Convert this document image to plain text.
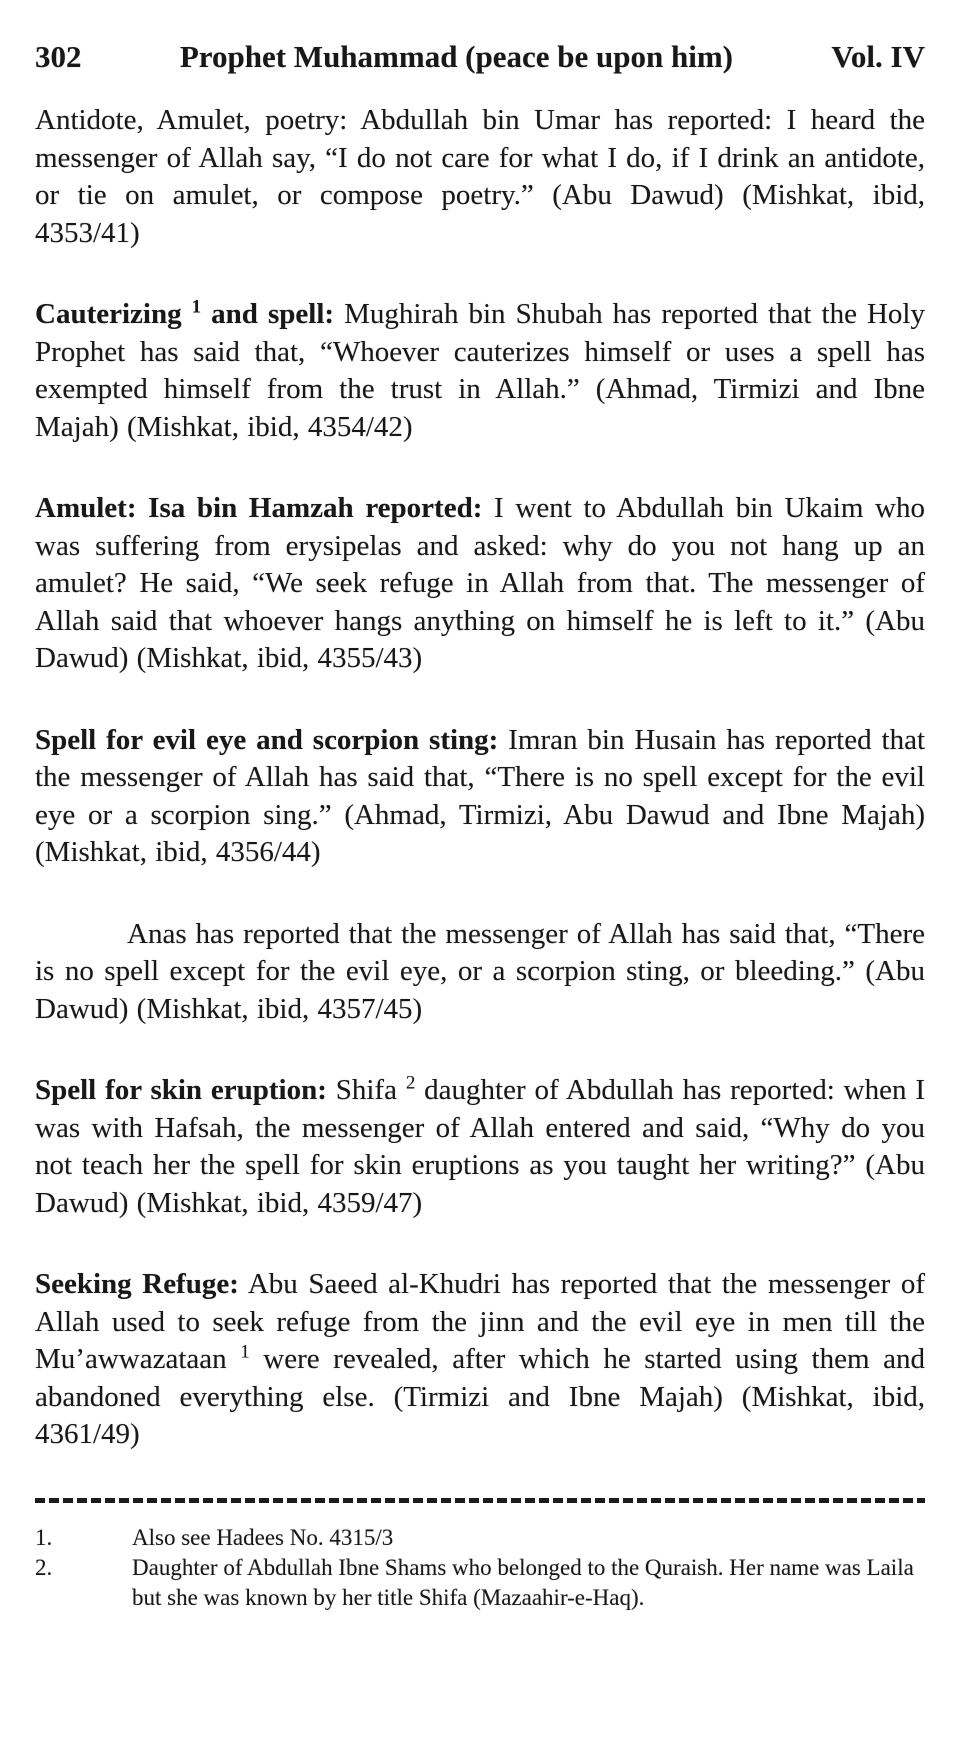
302	Prophet Muhammad (peace be upon him)	Vol. IV

Antidote, Amulet, poetry: Abdullah bin Umar has reported: I heard the messenger of Allah say, “I do not care for what I do, if I drink an antidote, or tie on amulet, or compose poetry.” (Abu Dawud) (Mishkat, ibid, 4353/41)

Cauterizing $^1$ and spell: Mughirah bin Shubah has reported that the Holy Prophet has said that, “Whoever cauterizes himself or uses a spell has exempted himself from the trust in Allah.” (Ahmad, Tirmizi and Ibne Majah) (Mishkat, ibid, 4354/42)

Amulet: Isa bin Hamzah reported: I went to Abdullah bin Ukaim who was suffering from erysipelas and asked: why do you not hang up an amulet? He said, “We seek refuge in Allah from that. The messenger of Allah said that whoever hangs anything on himself he is left to it.” (Abu Dawud) (Mishkat, ibid, 4355/43)

Spell for evil eye and scorpion sting: Imran bin Husain has reported that the messenger of Allah has said that, “There is no spell except for the evil eye or a scorpion sing.” (Ahmad, Tirmizi, Abu Dawud and Ibne Majah) (Mishkat, ibid, 4356/44)

Anas has reported that the messenger of Allah has said that, “There is no spell except for the evil eye, or a scorpion sting, or bleeding.” (Abu Dawud) (Mishkat, ibid, 4357/45)

Spell for skin eruption: Shifa $^2$ daughter of Abdullah has reported: when I was with Hafsah, the messenger of Allah entered and said, “Why do you not teach her the spell for skin eruptions as you taught her writing?” (Abu Dawud) (Mishkat, ibid, 4359/47)

Seeking Refuge: Abu Saeed al-Khudri has reported that the messenger of Allah used to seek refuge from the jinn and the evil eye in men till the Mu’awwazataan $^1$ were revealed, after which he started using them and abandoned everything else. (Tirmizi and Ibne Majah) (Mishkat, ibid, 4361/49)

1.	Also see Hadees No. 4315/3
2.	Daughter of Abdullah Ibne Shams who belonged to the Quraish. Her name was Laila but she was known by her title Shifa (Mazaahir-e-Haq).
